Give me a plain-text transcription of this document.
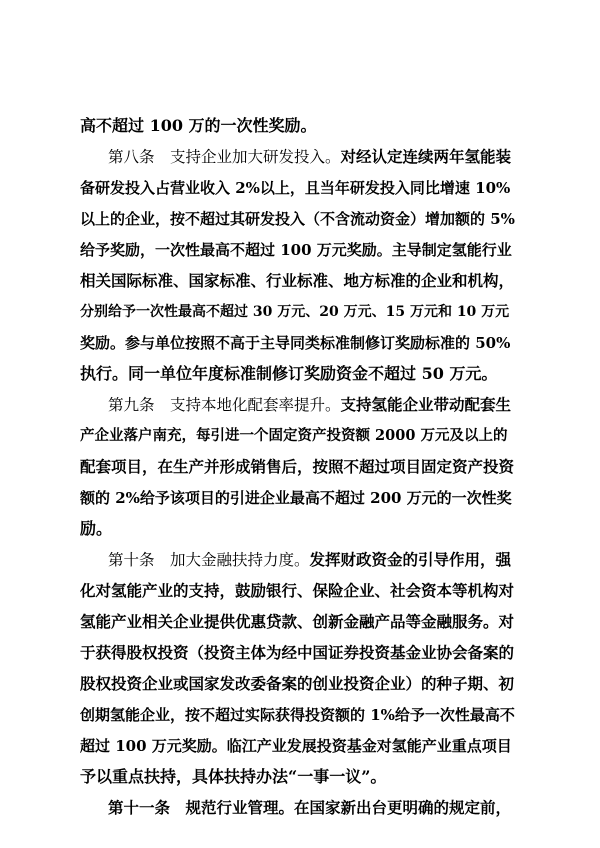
高不超过 100 万的一次性奖励。
第八条　支持企业加大研发投入。对经认定连续两年氢能装
备研发投入占营业收入 2%以上，且当年研发投入同比增速 10%
以上的企业，按不超过其研发投入（不含流动资金）增加额的 5%
给予奖励，一次性最高不超过 100 万元奖励。主导制定氢能行业
相关国际标准、国家标准、行业标准、地方标准的企业和机构，
分别给予一次性最高不超过 30 万元、20 万元、15 万元和 10 万元
奖励。参与单位按照不高于主导同类标准制修订奖励标准的 50%
执行。同一单位年度标准制修订奖励资金不超过 50 万元。
第九条　支持本地化配套率提升。支持氢能企业带动配套生
产企业落户南充，每引进一个固定资产投资额 2000 万元及以上的
配套项目，在生产并形成销售后，按照不超过项目固定资产投资
额的 2%给予该项目的引进企业最高不超过 200 万元的一次性奖
励。
第十条　加大金融扶持力度。发挥财政资金的引导作用，强
化对氢能产业的支持，鼓励银行、保险企业、社会资本等机构对
氢能产业相关企业提供优惠贷款、创新金融产品等金融服务。对
于获得股权投资（投资主体为经中国证券投资基金业协会备案的
股权投资企业或国家发改委备案的创业投资企业）的种子期、初
创期氢能企业，按不超过实际获得投资额的 1%给予一次性最高不
超过 100 万元奖励。临江产业发展投资基金对氢能产业重点项目
予以重点扶持，具体扶持办法“一事一议”。
第十一条　规范行业管理。在国家新出台更明确的规定前，
